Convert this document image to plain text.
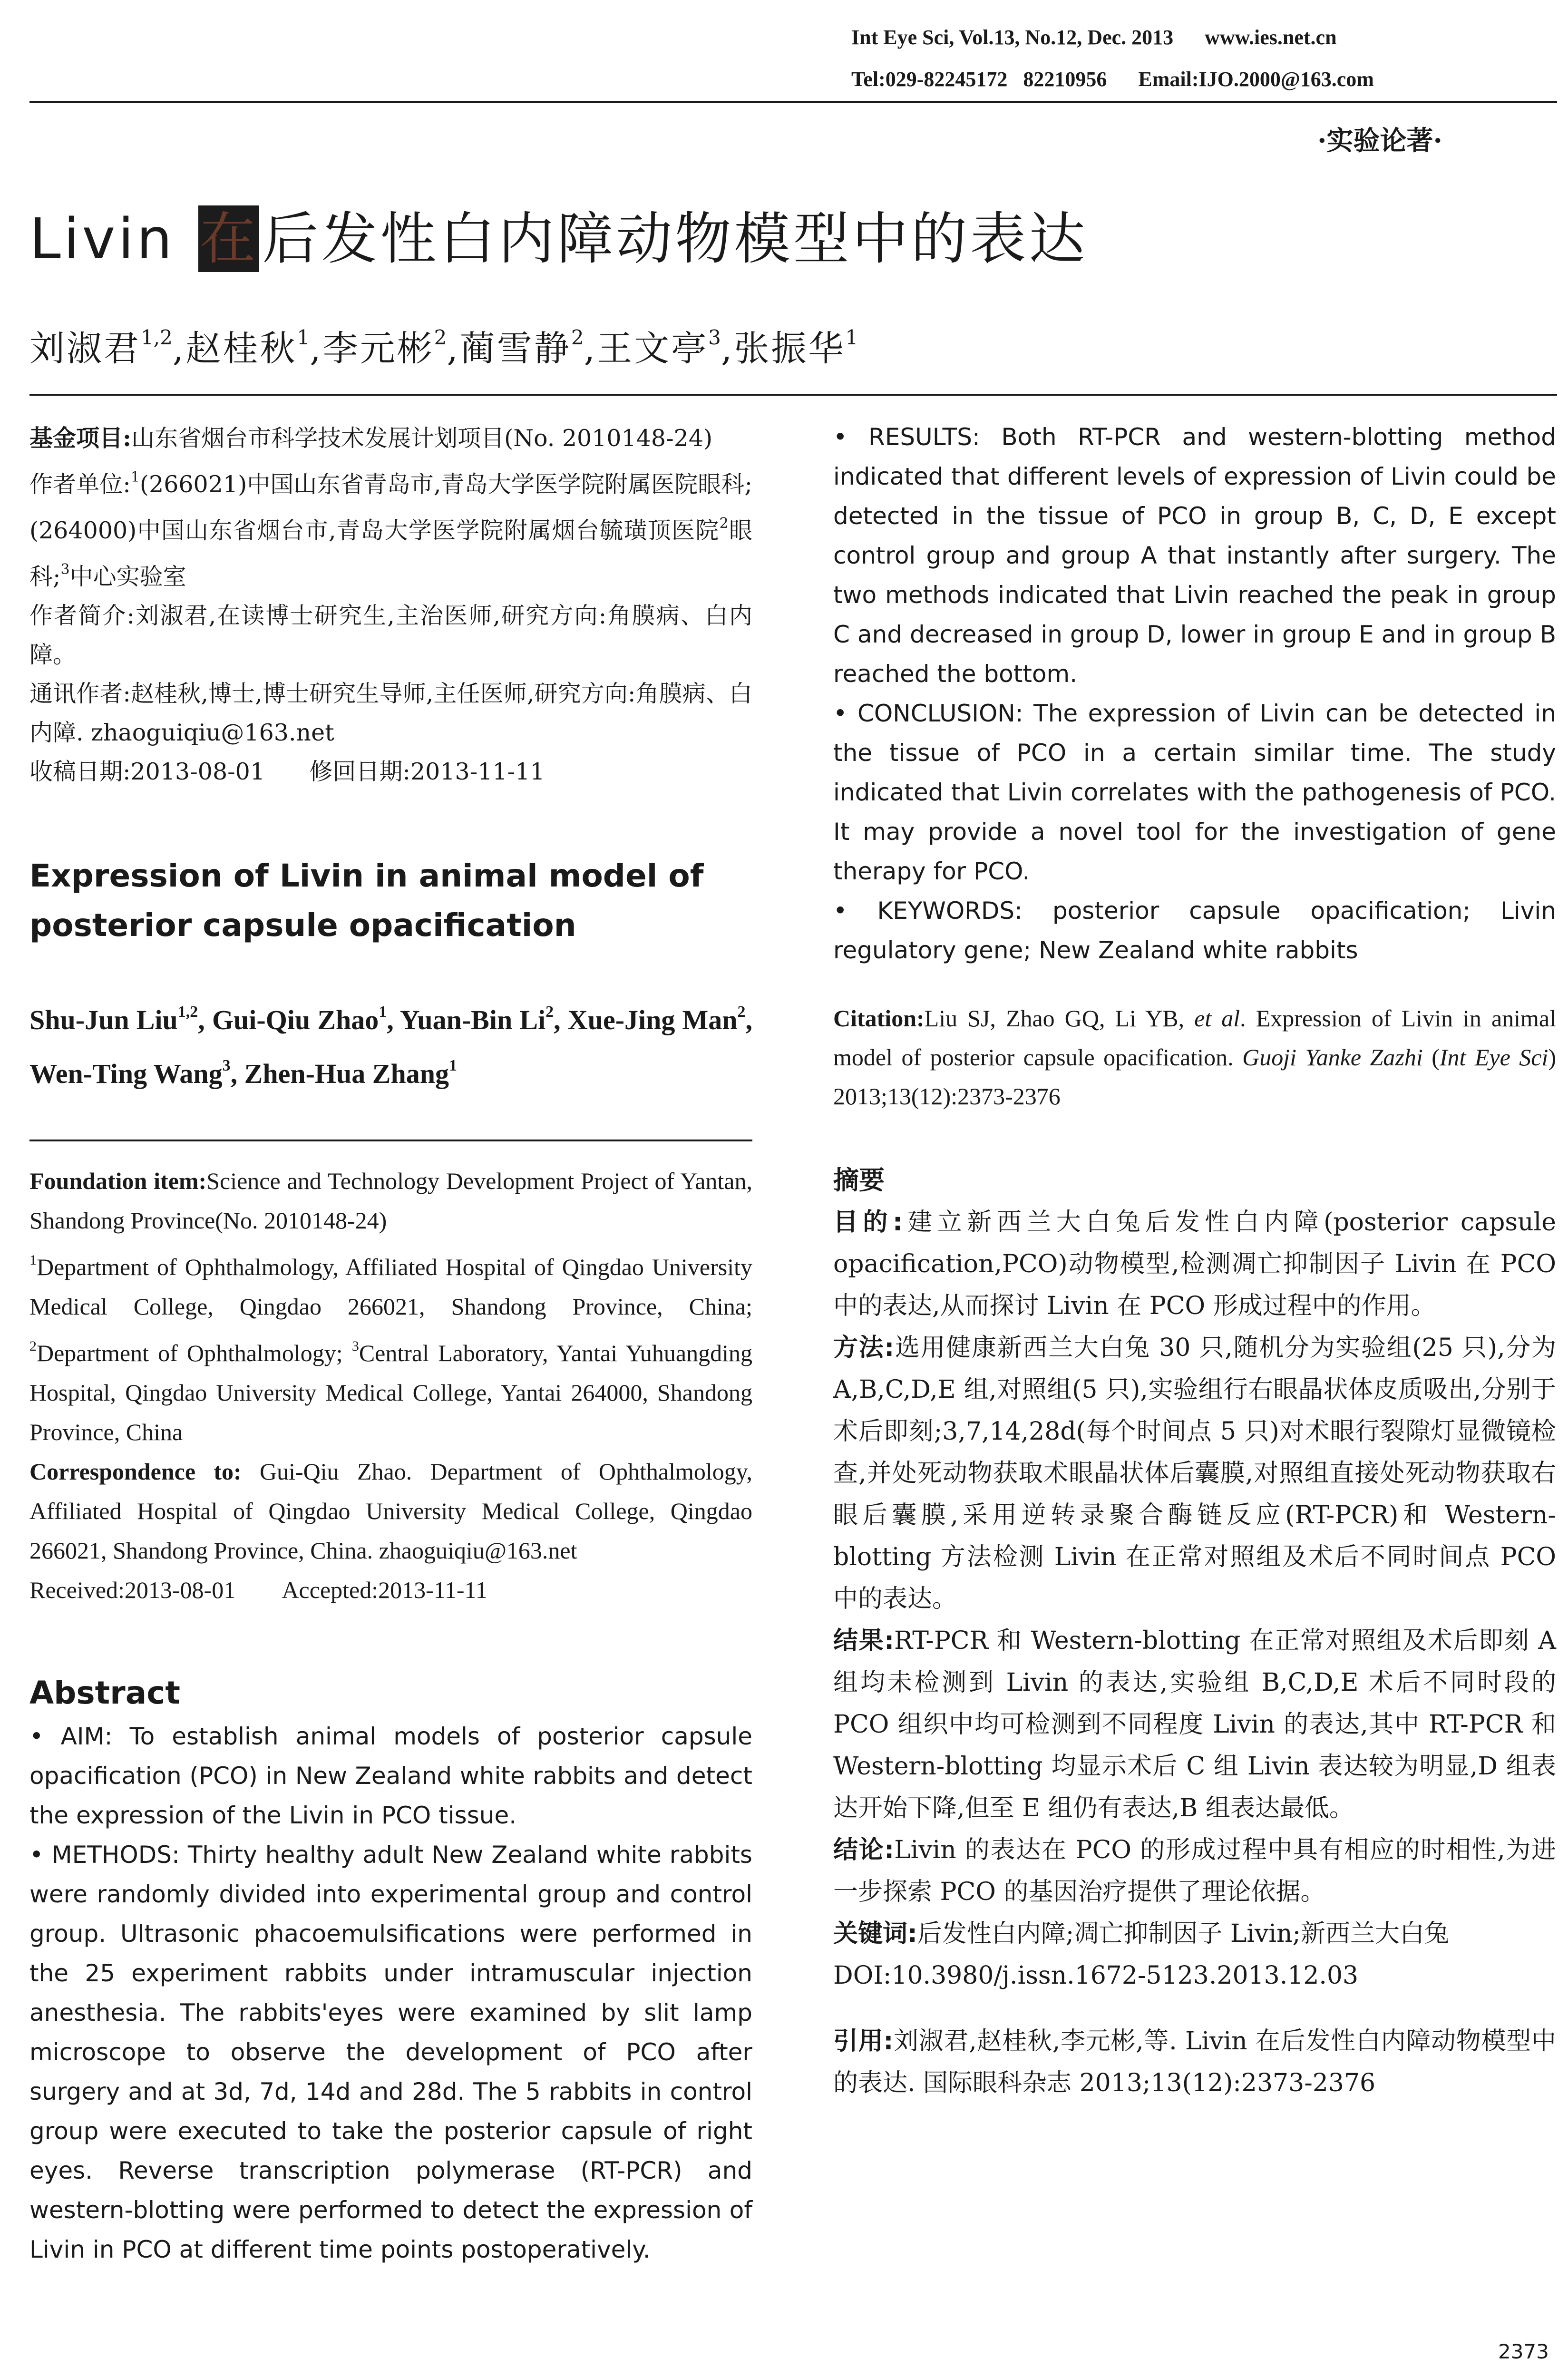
Int Eye Sci, Vol.13, No.12, Dec. 2013      www.ies.net.cn
Tel:029-82245172   82210956      Email:IJO.2000@163.com
·实验论著·
Livin 在后发性白内障动物模型中的表达
刘淑君$^{1,2}$,赵桂秋$^1$,李元彬$^2$,蔺雪静$^2$,王文亭$^3$,张振华$^1$
基金项目:山东省烟台市科学技术发展计划项目(No. 2010148-24)
作者单位:$^1$(266021)中国山东省青岛市,青岛大学医学院附属医院眼科;(264000)中国山东省烟台市,青岛大学医学院附属烟台毓璜顶医院$^2$眼科;$^3$中心实验室
作者简介:刘淑君,在读博士研究生,主治医师,研究方向:角膜病、白内障。
通讯作者:赵桂秋,博士,博士研究生导师,主任医师,研究方向:角膜病、白内障. zhaoguiqiu@163.net
收稿日期:2013-08-01      修回日期:2013-11-11
Expression of Livin in animal model of posterior capsule opacification
Shu-Jun Liu$^{1,2}$, Gui-Qiu Zhao$^1$, Yuan-Bin Li$^2$, Xue-Jing Man$^2$, Wen-Ting Wang$^3$, Zhen-Hua Zhang$^1$
Foundation item:Science and Technology Development Project of Yantan, Shandong Province(No. 2010148-24)
$^1$Department of Ophthalmology, Affiliated Hospital of Qingdao University Medical College, Qingdao 266021, Shandong Province, China; $^2$Department of Ophthalmology; $^3$Central Laboratory, Yantai Yuhuangding Hospital, Qingdao University Medical College, Yantai 264000, Shandong Province, China
Correspondence to: Gui-Qiu Zhao. Department of Ophthalmology, Affiliated Hospital of Qingdao University Medical College, Qingdao 266021, Shandong Province, China. zhaoguiqiu@163.net
Received:2013-08-01        Accepted:2013-11-11
Abstract

• AIM: To establish animal models of posterior capsule opacification (PCO) in New Zealand white rabbits and detect the expression of the Livin in PCO tissue.

• METHODS: Thirty healthy adult New Zealand white rabbits were randomly divided into experimental group and control group. Ultrasonic phacoemulsifications were performed in the 25 experiment rabbits under intramuscular injection anesthesia. The rabbits'eyes were examined by slit lamp microscope to observe the development of PCO after surgery and at 3d, 7d, 14d and 28d. The 5 rabbits in control group were executed to take the posterior capsule of right eyes. Reverse transcription polymerase (RT-PCR) and western-blotting were performed to detect the expression of Livin in PCO at different time points postoperatively.

• RESULTS: Both RT-PCR and western-blotting method indicated that different levels of expression of Livin could be detected in the tissue of PCO in group B, C, D, E except control group and group A that instantly after surgery. The two methods indicated that Livin reached the peak in group C and decreased in group D, lower in group E and in group B reached the bottom.

• CONCLUSION: The expression of Livin can be detected in the tissue of PCO in a certain similar time. The study indicated that Livin correlates with the pathogenesis of PCO. It may provide a novel tool for the investigation of gene therapy for PCO.

• KEYWORDS: posterior capsule opacification; Livin regulatory gene; New Zealand white rabbits

Citation:Liu SJ, Zhao GQ, Li YB, et al. Expression of Livin in animal model of posterior capsule opacification. Guoji Yanke Zazhi (Int Eye Sci) 2013;13(12):2373-2376
摘要

目的:建立新西兰大白兔后发性白内障(posterior capsule opacification,PCO)动物模型,检测凋亡抑制因子 Livin 在 PCO 中的表达,从而探讨 Livin 在 PCO 形成过程中的作用。

方法:选用健康新西兰大白兔 30 只,随机分为实验组(25 只),分为 A,B,C,D,E 组,对照组(5 只),实验组行右眼晶状体皮质吸出,分别于术后即刻;3,7,14,28d(每个时间点 5 只)对术眼行裂隙灯显微镜检查,并处死动物获取术眼晶状体后囊膜,对照组直接处死动物获取右眼后囊膜,采用逆转录聚合酶链反应(RT-PCR)和 Western-blotting 方法检测 Livin 在正常对照组及术后不同时间点 PCO 中的表达。

结果:RT-PCR 和 Western-blotting 在正常对照组及术后即刻 A 组均未检测到 Livin 的表达,实验组 B,C,D,E 术后不同时段的 PCO 组织中均可检测到不同程度 Livin 的表达,其中 RT-PCR 和 Western-blotting 均显示术后 C 组 Livin 表达较为明显,D 组表达开始下降,但至 E 组仍有表达,B 组表达最低。

结论:Livin 的表达在 PCO 的形成过程中具有相应的时相性,为进一步探索 PCO 的基因治疗提供了理论依据。

关键词:后发性白内障;凋亡抑制因子 Livin;新西兰大白兔

DOI:10.3980/j.issn.1672-5123.2013.12.03

引用:刘淑君,赵桂秋,李元彬,等. Livin 在后发性白内障动物模型中的表达. 国际眼科杂志 2013;13(12):2373-2376

2373
